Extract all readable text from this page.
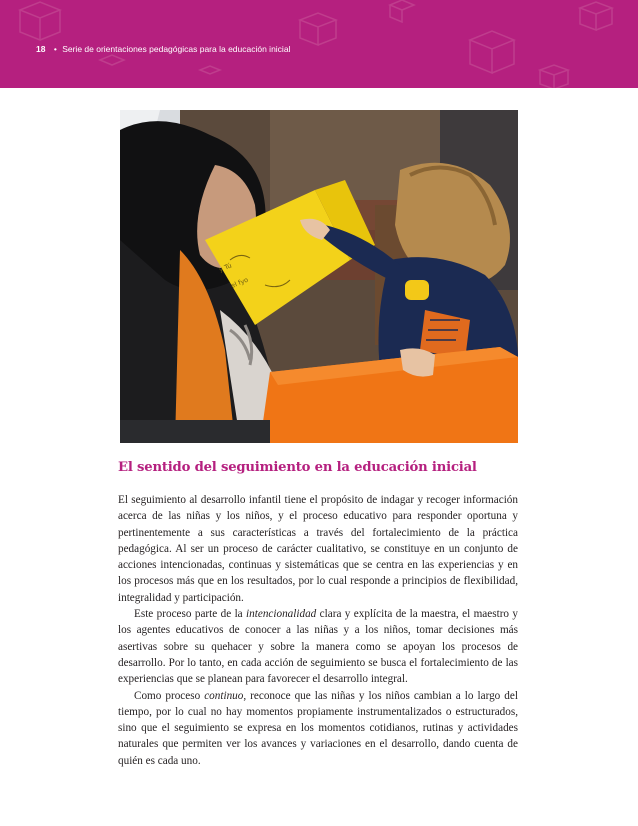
18 • Serie de orientaciones pedagógicas para la educación inicial
y Tú
el fyo
El sentido del seguimiento en la educación inicial

El seguimiento al desarrollo infantil tiene el propósito de indagar y recoger información acerca de las niñas y los niños, y el proceso educativo para responder oportuna y pertinentemente a sus características a través del fortalecimiento de la práctica pedagógica. Al ser un proceso de carácter cualitativo, se constituye en un conjunto de acciones intencionadas, continuas y sistemáticas que se centra en las experiencias y en los procesos más que en los resultados, por lo cual responde a principios de flexibilidad, integralidad y participación.

Este proceso parte de la intencionalidad clara y explícita de la maestra, el maestro y los agentes educativos de conocer a las niñas y a los niños, tomar decisiones más asertivas sobre su quehacer y sobre la manera como se apoyan los procesos de desarrollo. Por lo tanto, en cada acción de seguimiento se busca el fortalecimiento de las experiencias que se planean para favorecer el desarrollo integral.

Como proceso continuo, reconoce que las niñas y los niños cambian a lo largo del tiempo, por lo cual no hay momentos propiamente instrumentalizados o estructurados, sino que el seguimiento se expresa en los momentos cotidianos, rutinas y actividades naturales que permiten ver los avances y variaciones en el desarrollo, dando cuenta de quién es cada uno.
